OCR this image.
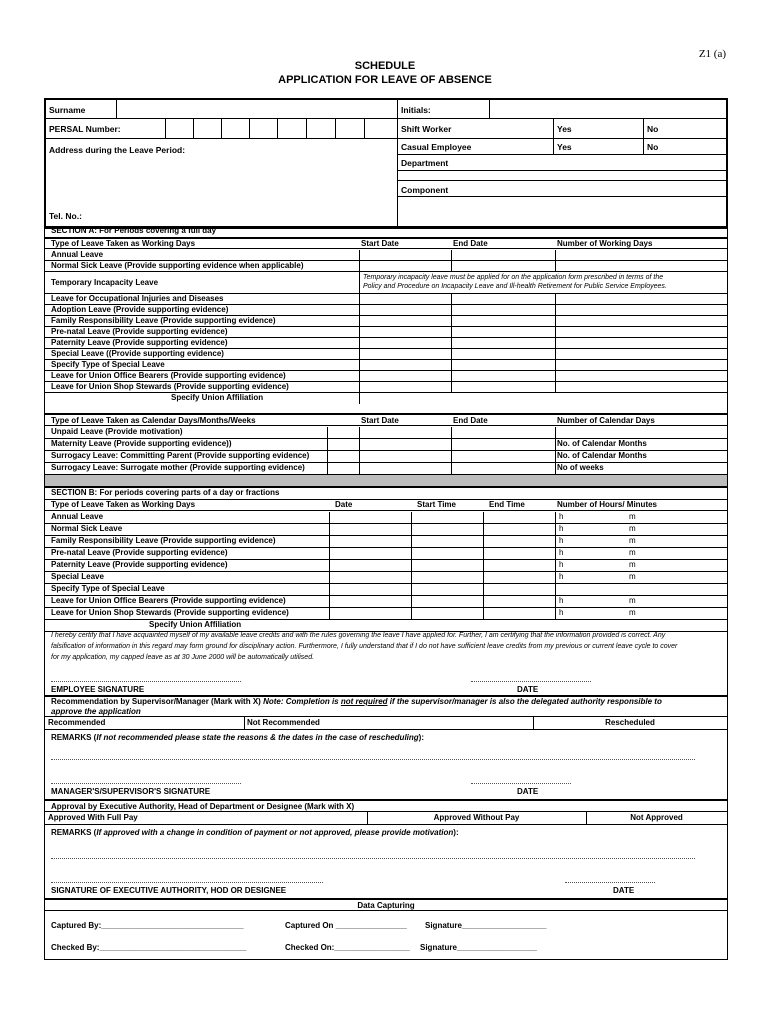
Z1 (a)
SCHEDULE
APPLICATION FOR LEAVE OF ABSENCE
Surname	Initials:
PERSAL Number:	Shift Worker	Yes	No
Address during the Leave Period:
Tel. No.:
Casual Employee	Yes	No
Department
Component
SECTION A: For Periods covering a full day
Type of Leave Taken as Working Days	Start Date	End Date	Number of Working Days
Annual Leave
Normal Sick Leave (Provide supporting evidence when applicable)
Temporary Incapacity Leave
Temporary incapacity leave must be applied for on the application form prescribed in terms of the
Policy and Procedure on Incapacity Leave and Ill-health Retirement for Public Service Employees.
Leave for Occupational Injuries and Diseases
Adoption Leave (Provide supporting evidence)
Family Responsibility Leave (Provide supporting evidence)
Pre-natal Leave (Provide supporting evidence)
Paternity Leave (Provide supporting evidence)
Special Leave ((Provide supporting evidence)
Specify Type of Special Leave
Leave for Union Office Bearers (Provide supporting evidence)
Leave for Union Shop Stewards (Provide supporting evidence)
Specify Union Affiliation
Type of Leave Taken as Calendar Days/Months/Weeks	Start Date	End Date	Number of Calendar Days
Unpaid Leave (Provide motivation)
Maternity Leave (Provide supporting evidence))	No. of Calendar Months
Surrogacy Leave: Committing Parent (Provide supporting evidence)	No. of Calendar Months
Surrogacy Leave: Surrogate mother (Provide supporting evidence)	No of weeks
SECTION B: For periods covering parts of a day or fractions
Type of Leave Taken as Working Days	Date	Start Time	End Time	Number of Hours/ Minutes
Annual Leave	h	m
Normal Sick Leave	h	m
Family Responsibility Leave (Provide supporting evidence)	h	m
Pre-natal Leave (Provide supporting evidence)	h	m
Paternity Leave (Provide supporting evidence)	h	m
Special Leave	h	m
Specify Type of Special Leave
Leave for Union Office Bearers (Provide supporting evidence)	h	m
Leave for Union Shop Stewards (Provide supporting evidence)	h	m
Specify Union Affiliation
I hereby certify that I have acquainted myself of my available leave credits and with the rules governing the leave I have applied for. Further, I am certifying that the information provided is correct. Any
falsification of information in this regard may form ground for disciplinary action. Furthermore, I fully understand that if I do not have sufficient leave credits from my previous or current leave cycle to cover
for my application, my capped leave as at 30 June 2000 will be automatically utilised.
EMPLOYEE SIGNATURE	DATE
Recommendation by Supervisor/Manager (Mark with X) Note: Completion is not required if the supervisor/manager is also the delegated authority responsible to
approve the application
Recommended	Not Recommended	Rescheduled
REMARKS (If not recommended please state the reasons & the dates in the case of rescheduling):
MANAGER'S/SUPERVISOR'S SIGNATURE	DATE
Approval by Executive Authority, Head of Department or Designee (Mark with X)
Approved With Full Pay	Approved Without Pay	Not Approved
REMARKS (If approved with a change in condition of payment or not approved, please provide motivation):
SIGNATURE OF EXECUTIVE AUTHORITY, HOD OR DESIGNEE	DATE
Data Capturing
Captured By:________________________________	Captured On ________________ Signature___________________
Checked By:_________________________________	Checked On:_________________ Signature__________________
